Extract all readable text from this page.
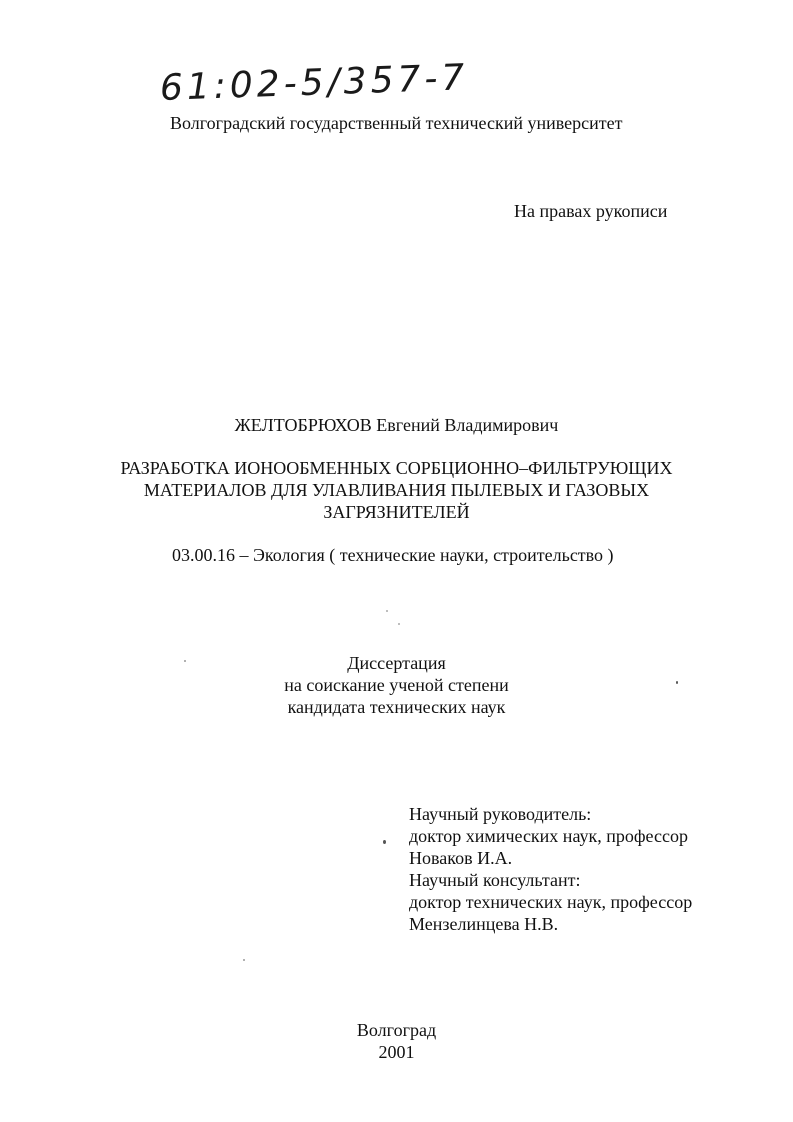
61:02-5/357-7
Волгоградский государственный технический университет
На правах рукописи
ЖЕЛТОБРЮХОВ Евгений Владимирович
РАЗРАБОТКА ИОНООБМЕННЫХ СОРБЦИОННО–ФИЛЬТРУЮЩИХ
МАТЕРИАЛОВ ДЛЯ УЛАВЛИВАНИЯ ПЫЛЕВЫХ И ГАЗОВЫХ
ЗАГРЯЗНИТЕЛЕЙ
03.00.16 – Экология ( технические науки, строительство )
Диссертация
на соискание ученой степени
кандидата технических наук
Научный руководитель:
доктор химических наук, профессор
Новаков И.А.
Научный консультант:
доктор технических наук, профессор
Мензелинцева Н.В.
Волгоград
2001
